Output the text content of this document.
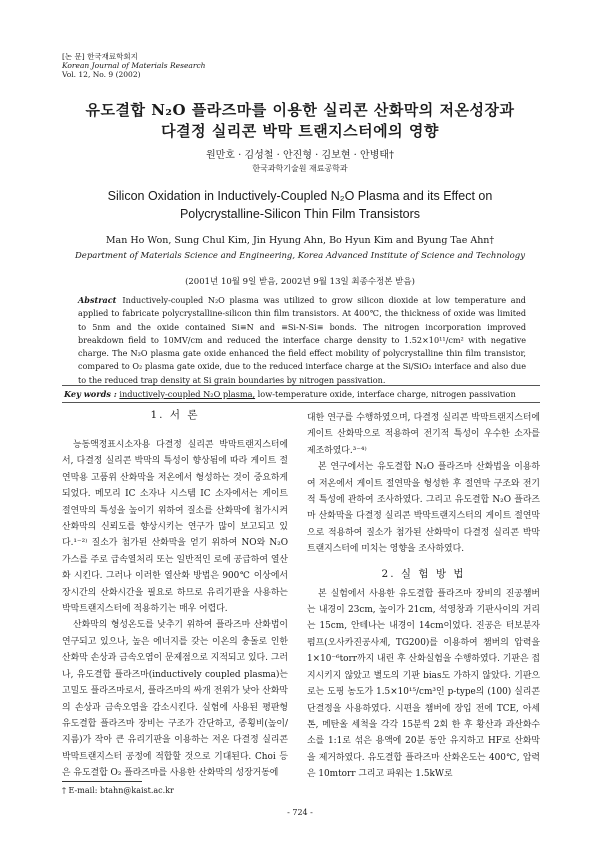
[논 문] 한국재료학회지
Korean Journal of Materials Research
Vol. 12, No. 9 (2002)
유도결합 N₂O 플라즈마를 이용한 실리콘 산화막의 저온성장과
다결정 실리콘 박막 트랜지스터에의 영향
원만호 · 김성철 · 안진형 · 김보현 · 안병태†
한국과학기술원 재료공학과
Silicon Oxidation in Inductively-Coupled N₂O Plasma and its Effect on
Polycrystalline-Silicon Thin Film Transistors
Man Ho Won, Sung Chul Kim, Jin Hyung Ahn, Bo Hyun Kim and Byung Tae Ahn†
Department of Materials Science and Engineering, Korea Advanced Institute of Science and Technology
(2001년 10월 9일 받음, 2002년 9월 13일 최종수정본 받음)
Abstract Inductively-coupled N₂O plasma was utilized to grow silicon dioxide at low temperature and applied to fabricate polycrystalline-silicon thin film transistors. At 400℃, the thickness of oxide was limited to 5nm and the oxide contained Si≡N and ≡Si-N-Si≡ bonds. The nitrogen incorporation improved breakdown field to 10MV/cm and reduced the interface charge density to 1.52×10¹¹/cm² with negative charge. The N₂O plasma gate oxide enhanced the field effect mobility of polycrystalline thin film transistor, compared to O₂ plasma gate oxide, due to the reduced interface charge at the Si/SiO₂ interface and also due to the reduced trap density at Si grain boundaries by nitrogen passivation.
Key words : inductively-coupled N₂O plasma, low-temperature oxide, interface charge, nitrogen passivation
1. 서 론

능동액정표시소자용 다결정 실리콘 박막트랜지스터에서, 다결정 실리콘 박막의 특성이 향상됨에 따라 게이트 절연막용 고품위 산화막을 저온에서 형성하는 것이 중요하게 되었다. 메모리 IC 소자나 시스템 IC 소자에서는 게이트 절연막의 특성을 높이기 위하여 질소를 산화막에 첨가시켜 산화막의 신뢰도를 향상시키는 연구가 많이 보고되고 있다.¹⁻²⁾ 질소가 첨가된 산화막을 얻기 위하여 NO와 N₂O 가스를 주로 급속열처리 또는 일반적인 로에 공급하여 열산화 시킨다. 그러나 이러한 열산화 방법은 900℃ 이상에서 장시간의 산화시간을 필요로 하므로 유리기판을 사용하는 박막트랜지스터에 적용하기는 매우 어렵다.

산화막의 형성온도를 낮추기 위하여 플라즈마 산화법이 연구되고 있으나, 높은 에너지를 갖는 이온의 충돌로 인한 산화막 손상과 금속오염이 문제점으로 지적되고 있다. 그러나, 유도결합 플라즈마(inductively coupled plasma)는 고밀도 플라즈마로서, 플라즈마의 싸개 전위가 낮아 산화막의 손상과 금속오염을 감소시킨다. 실험에 사용된 평판형 유도결합 플라즈마 장비는 구조가 간단하고, 종횡비(높이/지름)가 작아 큰 유리기판을 이용하는 저온 다결정 실리콘 박막트랜지스터 공정에 적합할 것으로 기대된다. Choi 등은 유도결합 O₂ 플라즈마를 사용한 산화막의 성장거동에

대한 연구를 수행하였으며, 다결정 실리콘 박막트랜지스터에 게이트 산화막으로 적용하여 전기적 특성이 우수한 소자를 제조하였다.³⁻⁴⁾

본 연구에서는 유도결합 N₂O 플라즈마 산화법을 이용하여 저온에서 게이트 절연막을 형성한 후 절연막 구조와 전기적 특성에 관하여 조사하였다. 그리고 유도결합 N₂O 플라즈마 산화막을 다결정 실리콘 박막트랜지스터의 게이트 절연막으로 적용하여 질소가 첨가된 산화막이 다결정 실리콘 박막트랜지스터에 미치는 영향을 조사하였다.

2. 실 험 방 법

본 실험에서 사용한 유도결합 플라즈마 장비의 진공챔버는 내경이 23cm, 높이가 21cm, 석영창과 기판사이의 거리는 15cm, 안테나는 내경이 14cm이었다. 진공은 터보분자펌프(오사카진공사제, TG200)를 이용하여 챔버의 압력을 1×10⁻⁶torr까지 내린 후 산화실험을 수행하였다. 기판은 접지시키지 않았고 별도의 기판 bias도 가하지 않았다. 기판으로는 도핑 농도가 1.5×10¹⁵/cm³인 p-type의 (100) 실리콘 단결정을 사용하였다. 시편을 챔버에 장입 전에 TCE, 아세톤, 메탄올 세척을 각각 15분씩 2회 한 후 황산과 과산화수소를 1:1로 섞은 용액에 20분 동안 유지하고 HF로 산화막을 제거하였다. 유도결합 플라즈마 산화온도는 400℃, 압력은 10mtorr 그리고 파워는 1.5kW로

† E-mail: btahn@kaist.ac.kr
- 724 -
